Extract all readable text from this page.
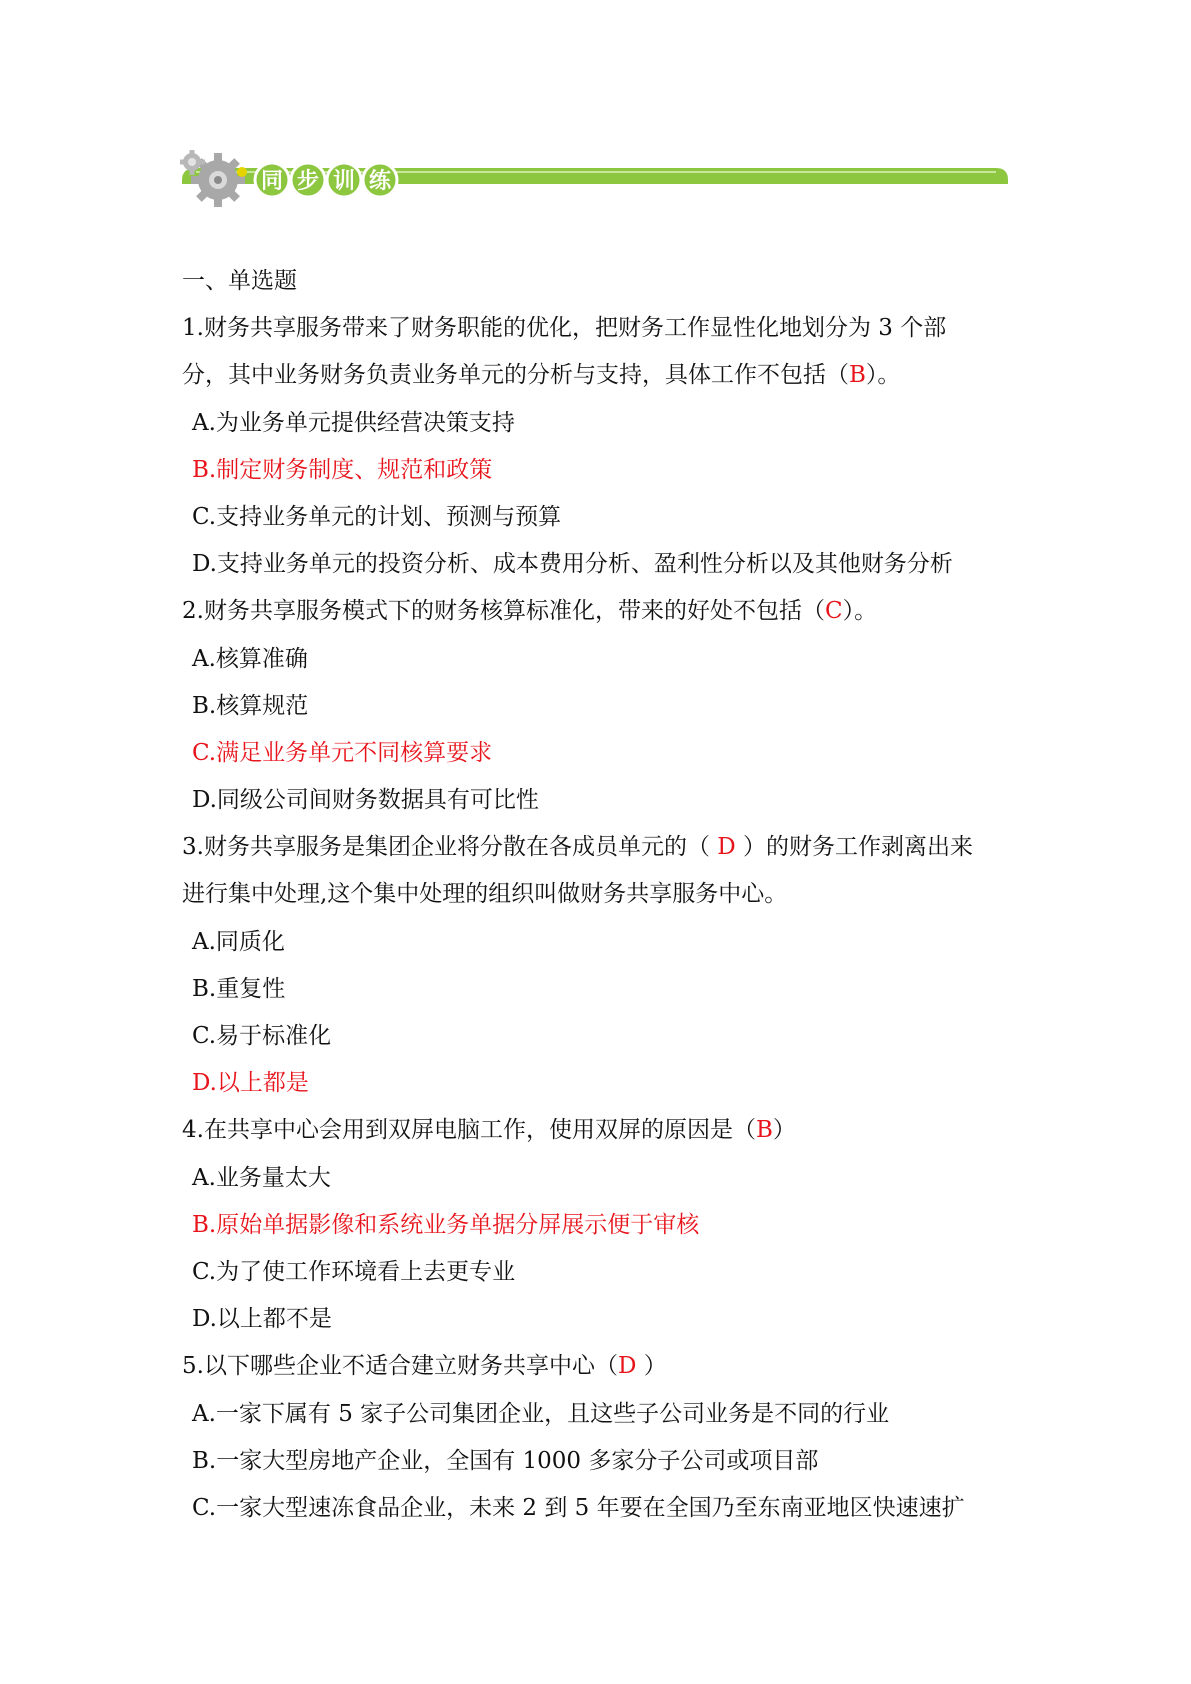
同 步 训 练
一、单选题
1.财务共享服务带来了财务职能的优化，把财务工作显性化地划分为 3 个部
分，其中业务财务负责业务单元的分析与支持，具体工作不包括（B）。
A.为业务单元提供经营决策支持
B.制定财务制度、规范和政策
C.支持业务单元的计划、预测与预算
D.支持业务单元的投资分析、成本费用分析、盈利性分析以及其他财务分析
2.财务共享服务模式下的财务核算标准化，带来的好处不包括（C）。
A.核算准确
B.核算规范
C.满足业务单元不同核算要求
D.同级公司间财务数据具有可比性
3.财务共享服务是集团企业将分散在各成员单元的（ D ）的财务工作剥离出来
进行集中处理,这个集中处理的组织叫做财务共享服务中心。
A.同质化
B.重复性
C.易于标准化
D.以上都是
4.在共享中心会用到双屏电脑工作，使用双屏的原因是（B）
A.业务量太大
B.原始单据影像和系统业务单据分屏展示便于审核
C.为了使工作环境看上去更专业
D.以上都不是
5.以下哪些企业不适合建立财务共享中心（D ）
A.一家下属有 5 家子公司集团企业，且这些子公司业务是不同的行业
B.一家大型房地产企业，全国有 1000 多家分子公司或项目部
C.一家大型速冻食品企业，未来 2 到 5 年要在全国乃至东南亚地区快速速扩
